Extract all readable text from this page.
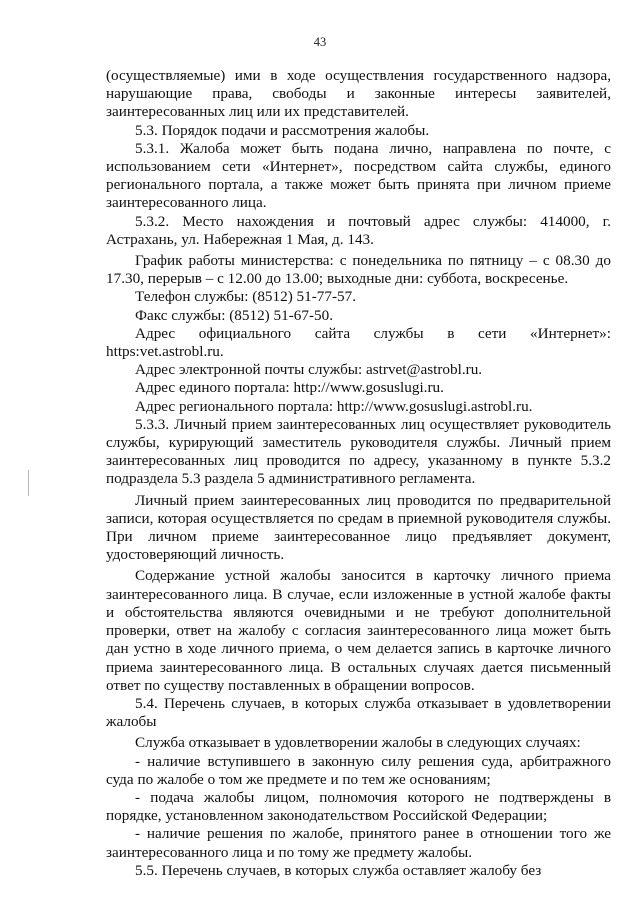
43

(осуществляемые) ими в ходе осуществления государственного надзора, нарушающие права, свободы и законные интересы заявителей, заинтересованных лиц или их представителей.

5.3. Порядок подачи и рассмотрения жалобы.

5.3.1. Жалоба может быть подана лично, направлена по почте, с использованием сети «Интернет», посредством сайта службы, единого регионального портала, а также может быть принята при личном приеме заинтересованного лица.

5.3.2. Место нахождения и почтовый адрес службы: 414000, г. Астрахань, ул. Набережная 1 Мая, д. 143.

График работы министерства: с понедельника по пятницу – с 08.30 до 17.30, перерыв – с 12.00 до 13.00; выходные дни: суббота, воскресенье.

Телефон службы: (8512) 51-77-57.

Факс службы: (8512) 51-67-50.

Адрес официального сайта службы в сети «Интернет»: https:vet.astrobl.ru.

Адрес электронной почты службы: astrvet@astrobl.ru.

Адрес единого портала: http://www.gosuslugi.ru.

Адрес регионального портала: http://www.gosuslugi.astrobl.ru.

5.3.3. Личный прием заинтересованных лиц осуществляет руководитель службы, курирующий заместитель руководителя службы. Личный прием заинтересованных лиц проводится по адресу, указанному в пункте 5.3.2 подраздела 5.3 раздела 5 административного регламента.

Личный прием заинтересованных лиц проводится по предварительной записи, которая осуществляется по средам в приемной руководителя службы. При личном приеме заинтересованное лицо предъявляет документ, удостоверяющий личность.

Содержание устной жалобы заносится в карточку личного приема заинтересованного лица. В случае, если изложенные в устной жалобе факты и обстоятельства являются очевидными и не требуют дополнительной проверки, ответ на жалобу с согласия заинтересованного лица может быть дан устно в ходе личного приема, о чем делается запись в карточке личного приема заинтересованного лица. В остальных случаях дается письменный ответ по существу поставленных в обращении вопросов.

5.4. Перечень случаев, в которых служба отказывает в удовлетворении жалобы

Служба отказывает в удовлетворении жалобы в следующих случаях:

- наличие вступившего в законную силу решения суда, арбитражного суда по жалобе о том же предмете и по тем же основаниям;

- подача жалобы лицом, полномочия которого не подтверждены в порядке, установленном законодательством Российской Федерации;

- наличие решения по жалобе, принятого ранее в отношении того же заинтересованного лица и по тому же предмету жалобы.

5.5. Перечень случаев, в которых служба оставляет жалобу без
